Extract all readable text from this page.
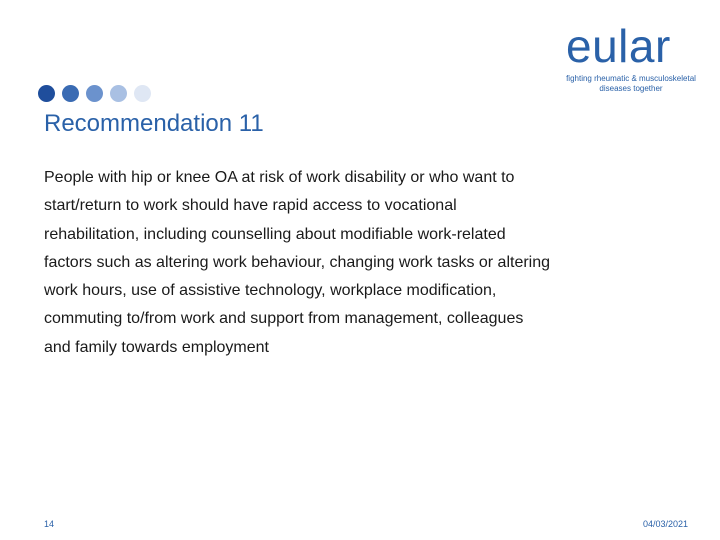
eular
fighting rheumatic & musculoskeletal
diseases together
Recommendation 11
People with hip or knee OA at risk of work disability or who want to
start/return to work should have rapid access to vocational
rehabilitation, including counselling about modifiable work-related
factors such as altering work behaviour, changing work tasks or altering
work hours, use of assistive technology, workplace modification,
commuting to/from work and support from management, colleagues
and family towards employment
14	04/03/2021
